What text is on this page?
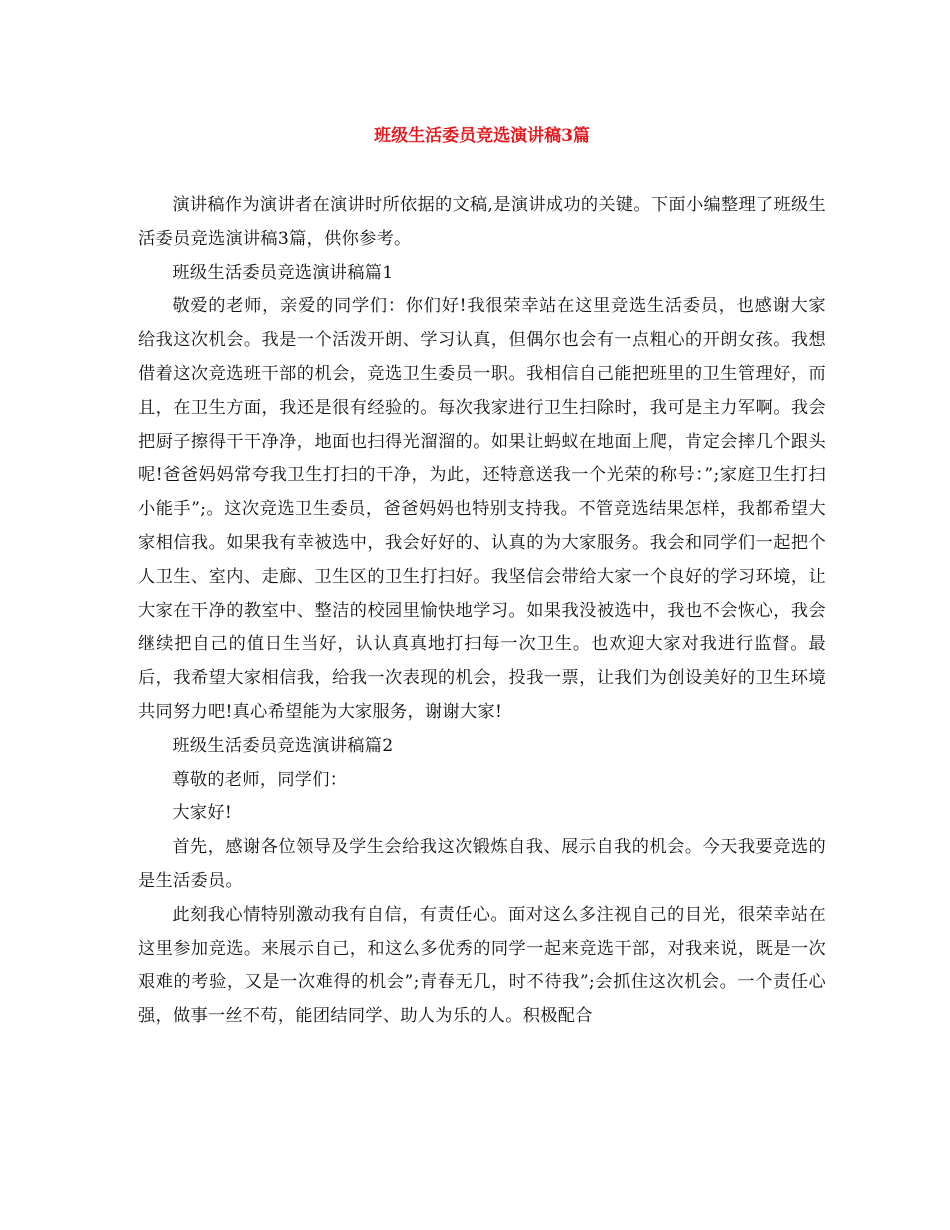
班级生活委员竞选演讲稿3篇

演讲稿作为演讲者在演讲时所依据的文稿,是演讲成功的关键。下面小编整理了班级生活委员竞选演讲稿3篇，供你参考。

班级生活委员竞选演讲稿篇1

敬爱的老师，亲爱的同学们：你们好!我很荣幸站在这里竞选生活委员，也感谢大家给我这次机会。我是一个活泼开朗、学习认真，但偶尔也会有一点粗心的开朗女孩。我想借着这次竞选班干部的机会，竞选卫生委员一职。我相信自己能把班里的卫生管理好，而且，在卫生方面，我还是很有经验的。每次我家进行卫生扫除时，我可是主力军啊。我会把厨子擦得干干净净，地面也扫得光溜溜的。如果让蚂蚁在地面上爬，肯定会摔几个跟头呢!爸爸妈妈常夸我卫生打扫的干净，为此，还特意送我一个光荣的称号：”;家庭卫生打扫小能手”;。这次竞选卫生委员，爸爸妈妈也特别支持我。不管竞选结果怎样，我都希望大家相信我。如果我有幸被选中，我会好好的、认真的为大家服务。我会和同学们一起把个人卫生、室内、走廊、卫生区的卫生打扫好。我坚信会带给大家一个良好的学习环境，让大家在干净的教室中、整洁的校园里愉快地学习。如果我没被选中，我也不会恢心，我会继续把自己的值日生当好，认认真真地打扫每一次卫生。也欢迎大家对我进行监督。最后，我希望大家相信我，给我一次表现的机会，投我一票，让我们为创设美好的卫生环境共同努力吧!真心希望能为大家服务，谢谢大家!

班级生活委员竞选演讲稿篇2

尊敬的老师，同学们：

大家好!

首先，感谢各位领导及学生会给我这次锻炼自我、展示自我的机会。今天我要竞选的是生活委员。

此刻我心情特别激动我有自信，有责任心。面对这么多注视自己的目光，很荣幸站在这里参加竞选。来展示自己，和这么多优秀的同学一起来竞选干部，对我来说，既是一次艰难的考验，又是一次难得的机会”;青春无几，时不待我”;会抓住这次机会。一个责任心强，做事一丝不苟，能团结同学、助人为乐的人。积极配合
